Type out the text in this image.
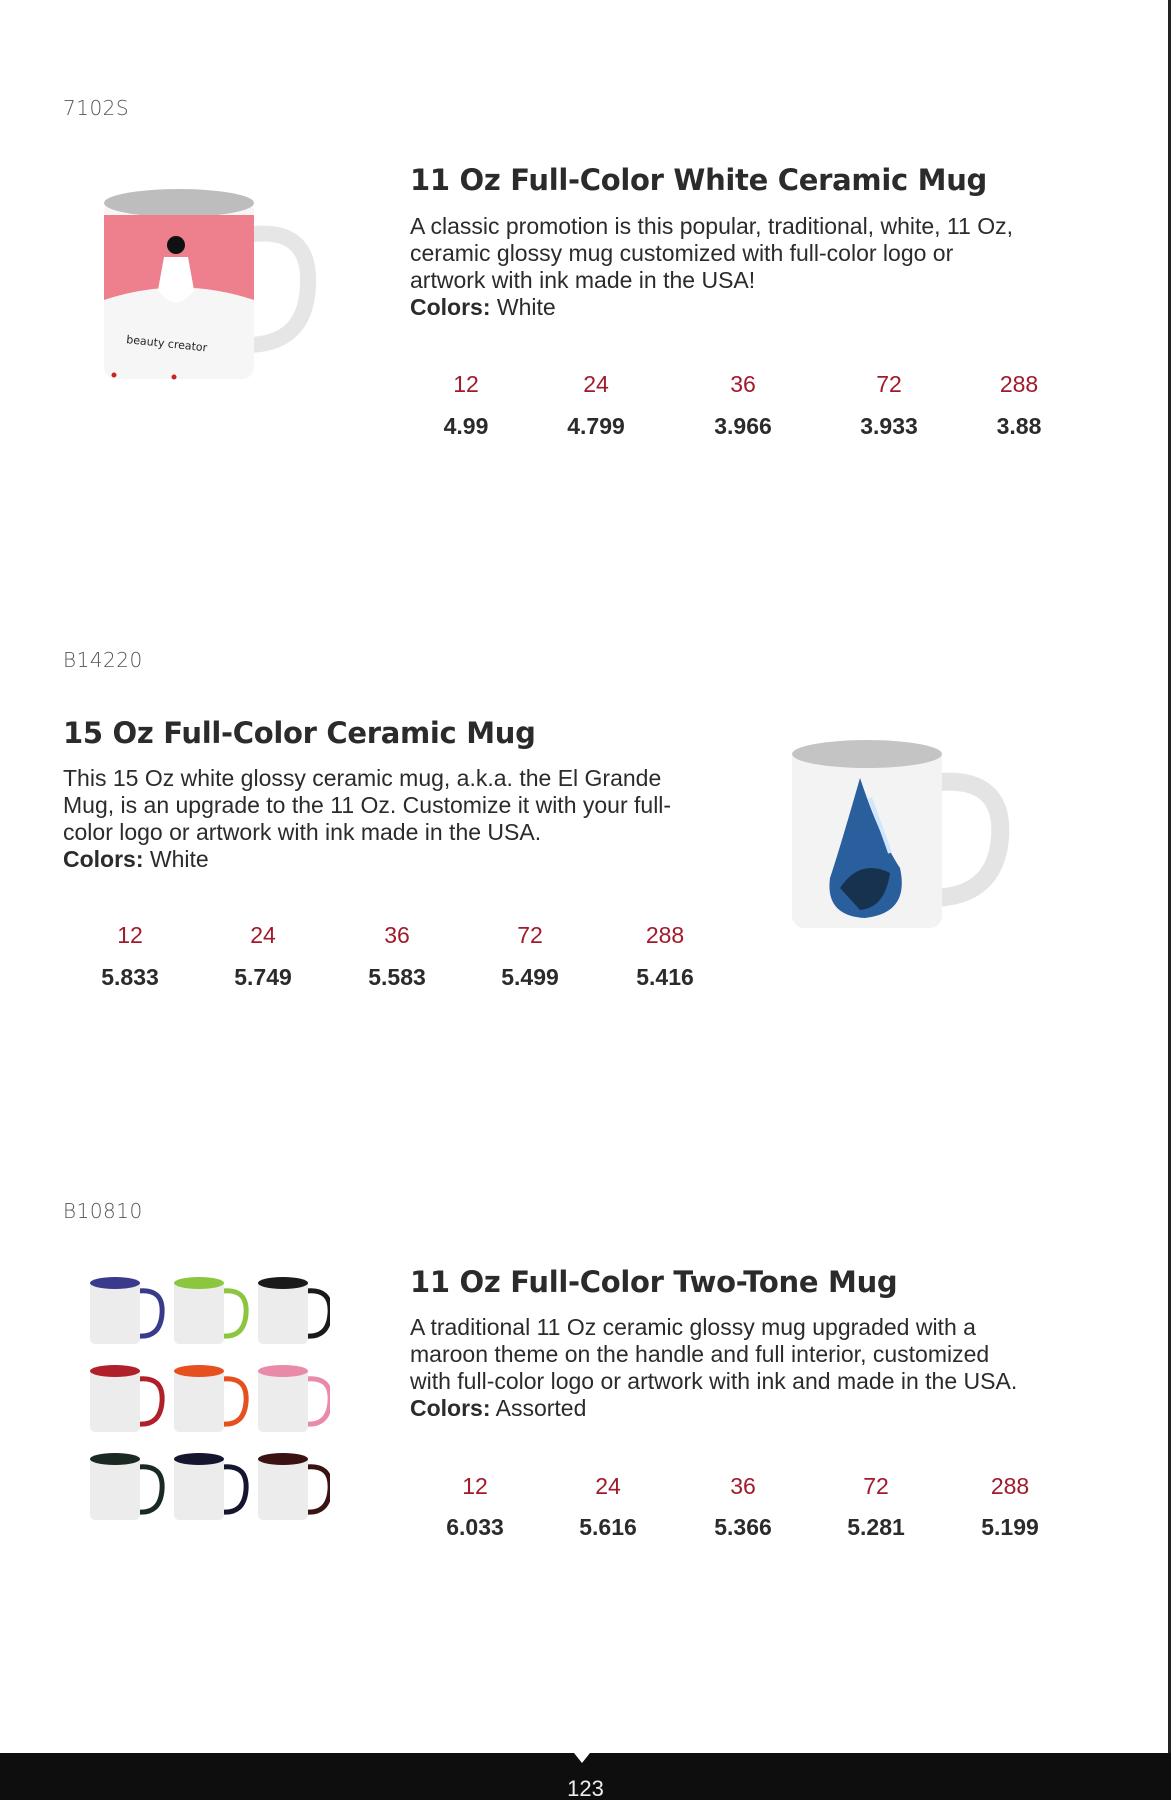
7102S
beauty creator
11 Oz Full-Color White Ceramic Mug
A classic promotion is this popular, traditional, white, 11 Oz,
ceramic glossy mug customized with full-color logo or
artwork with ink made in the USA!
Colors: White
12	24	36	72	288
4.99	4.799	3.966	3.933	3.88
B14220
15 Oz Full-Color Ceramic Mug
This 15 Oz white glossy ceramic mug, a.k.a. the El Grande
Mug, is an upgrade to the 11 Oz. Customize it with your full-
color logo or artwork with ink made in the USA.
Colors: White
12	24	36	72	288
5.833	5.749	5.583	5.499	5.416
B10810
11 Oz Full-Color Two-Tone Mug
A traditional 11 Oz ceramic glossy mug upgraded with a
maroon theme on the handle and full interior, customized
with full-color logo or artwork with ink and made in the USA.
Colors: Assorted
12	24	36	72	288
6.033	5.616	5.366	5.281	5.199
123
